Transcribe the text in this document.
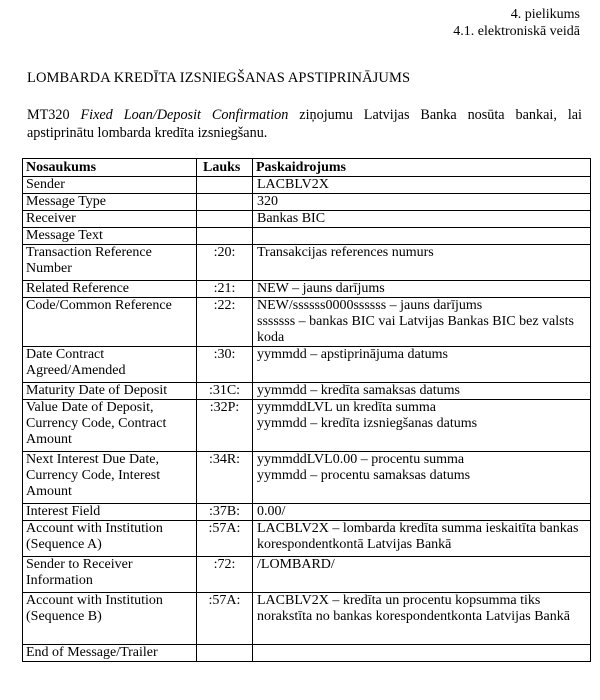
4. pielikums
4.1. elektroniskā veidā
LOMBARDA KREDĪTA IZSNIEGŠANAS APSTIPRINĀJUMS
MT320 Fixed Loan/Deposit Confirmation ziņojumu Latvijas Banka nosūta bankai, lai apstiprinātu lombarda kredīta izsniegšanu.
Nosaukums	Lauks	Paskaidrojums
Sender		LACBLV2X

Message Type		320

Receiver		Bankas BIC

Message Text		
Transaction Reference Number	:20:	Transakcijas references numurs

Related Reference	:21:	NEW – jauns darījums

Code/Common Reference	:22:	NEW/ssssss0000ssssss – jauns darījums
sssssss – bankas BIC vai Latvijas Bankas BIC bez valsts koda

Date Contract Agreed/Amended	:30:	yymmdd – apstiprinājuma datums

Maturity Date of Deposit	:31C:	yymmdd – kredīta samaksas datums

Value Date of Deposit, Currency Code, Contract Amount	:32P:	yymmddLVL un kredīta summa
yymmdd – kredīta izsniegšanas datums

Next Interest Due Date, Currency Code, Interest Amount	:34R:	yymmddLVL0.00 – procentu summa
yymmdd – procentu samaksas datums

Interest Field	:37B:	0.00/

Account with Institution (Sequence A)	:57A:	LACBLV2X – lombarda kredīta summa ieskaitīta bankas korespondentkontā Latvijas Bankā

Sender to Receiver Information	:72:	/LOMBARD/

Account with Institution (Sequence B)	:57A:	LACBLV2X – kredīta un procentu kopsumma tiks norakstīta no bankas korespondentkonta Latvijas Bankā

End of Message/Trailer		
